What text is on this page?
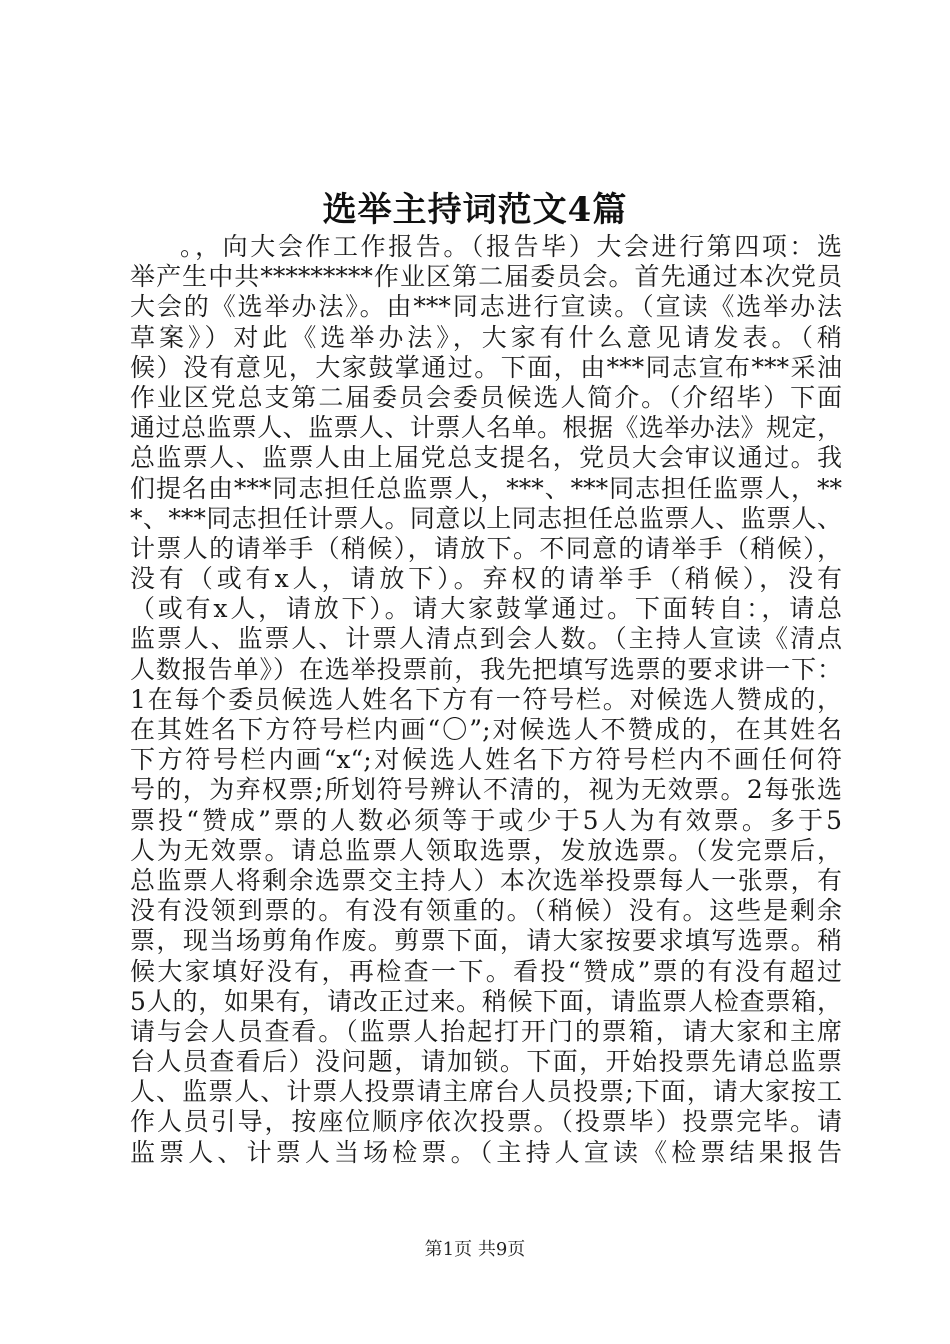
选举主持词范文4篇
。，向大会作工作报告。（报告毕）大会进行第四项：选
举产生中共*********作业区第二届委员会。首先通过本次党员
大会的《选举办法》。由***同志进行宣读。（宣读《选举办法
草案》）对此《选举办法》，大家有什么意见请发表。（稍
候）没有意见，大家鼓掌通过。下面，由***同志宣布***采油
作业区党总支第二届委员会委员候选人简介。（介绍毕）下面
通过总监票人、监票人、计票人名单。根据《选举办法》规定，
总监票人、监票人由上届党总支提名，党员大会审议通过。我
们提名由***同志担任总监票人，***、***同志担任监票人，**
*、***同志担任计票人。同意以上同志担任总监票人、监票人、
计票人的请举手（稍候），请放下。不同意的请举手（稍候），
没有（或有x人，请放下）。弃权的请举手（稍候），没有
（或有x人，请放下）。请大家鼓掌通过。下面转自：，请总
监票人、监票人、计票人清点到会人数。（主持人宣读《清点
人数报告单》）在选举投票前，我先把填写选票的要求讲一下：
1在每个委员候选人姓名下方有一符号栏。对候选人赞成的，
在其姓名下方符号栏内画“〇”;对候选人不赞成的，在其姓名
下方符号栏内画“x“;对候选人姓名下方符号栏内不画任何符
号的，为弃权票;所划符号辨认不清的，视为无效票。2每张选
票投“赞成”票的人数必须等于或少于5人为有效票。多于5
人为无效票。请总监票人领取选票，发放选票。（发完票后，
总监票人将剩余选票交主持人）本次选举投票每人一张票，有
没有没领到票的。有没有领重的。（稍候）没有。这些是剩余
票，现当场剪角作废。剪票下面，请大家按要求填写选票。稍
候大家填好没有，再检查一下。看投“赞成”票的有没有超过
5人的，如果有，请改正过来。稍候下面，请监票人检查票箱，
请与会人员查看。（监票人抬起打开门的票箱，请大家和主席
台人员查看后）没问题，请加锁。下面，开始投票先请总监票
人、监票人、计票人投票请主席台人员投票;下面，请大家按工
作人员引导，按座位顺序依次投票。（投票毕）投票完毕。请
监票人、计票人当场检票。（主持人宣读《检票结果报告
第1页 共9页
